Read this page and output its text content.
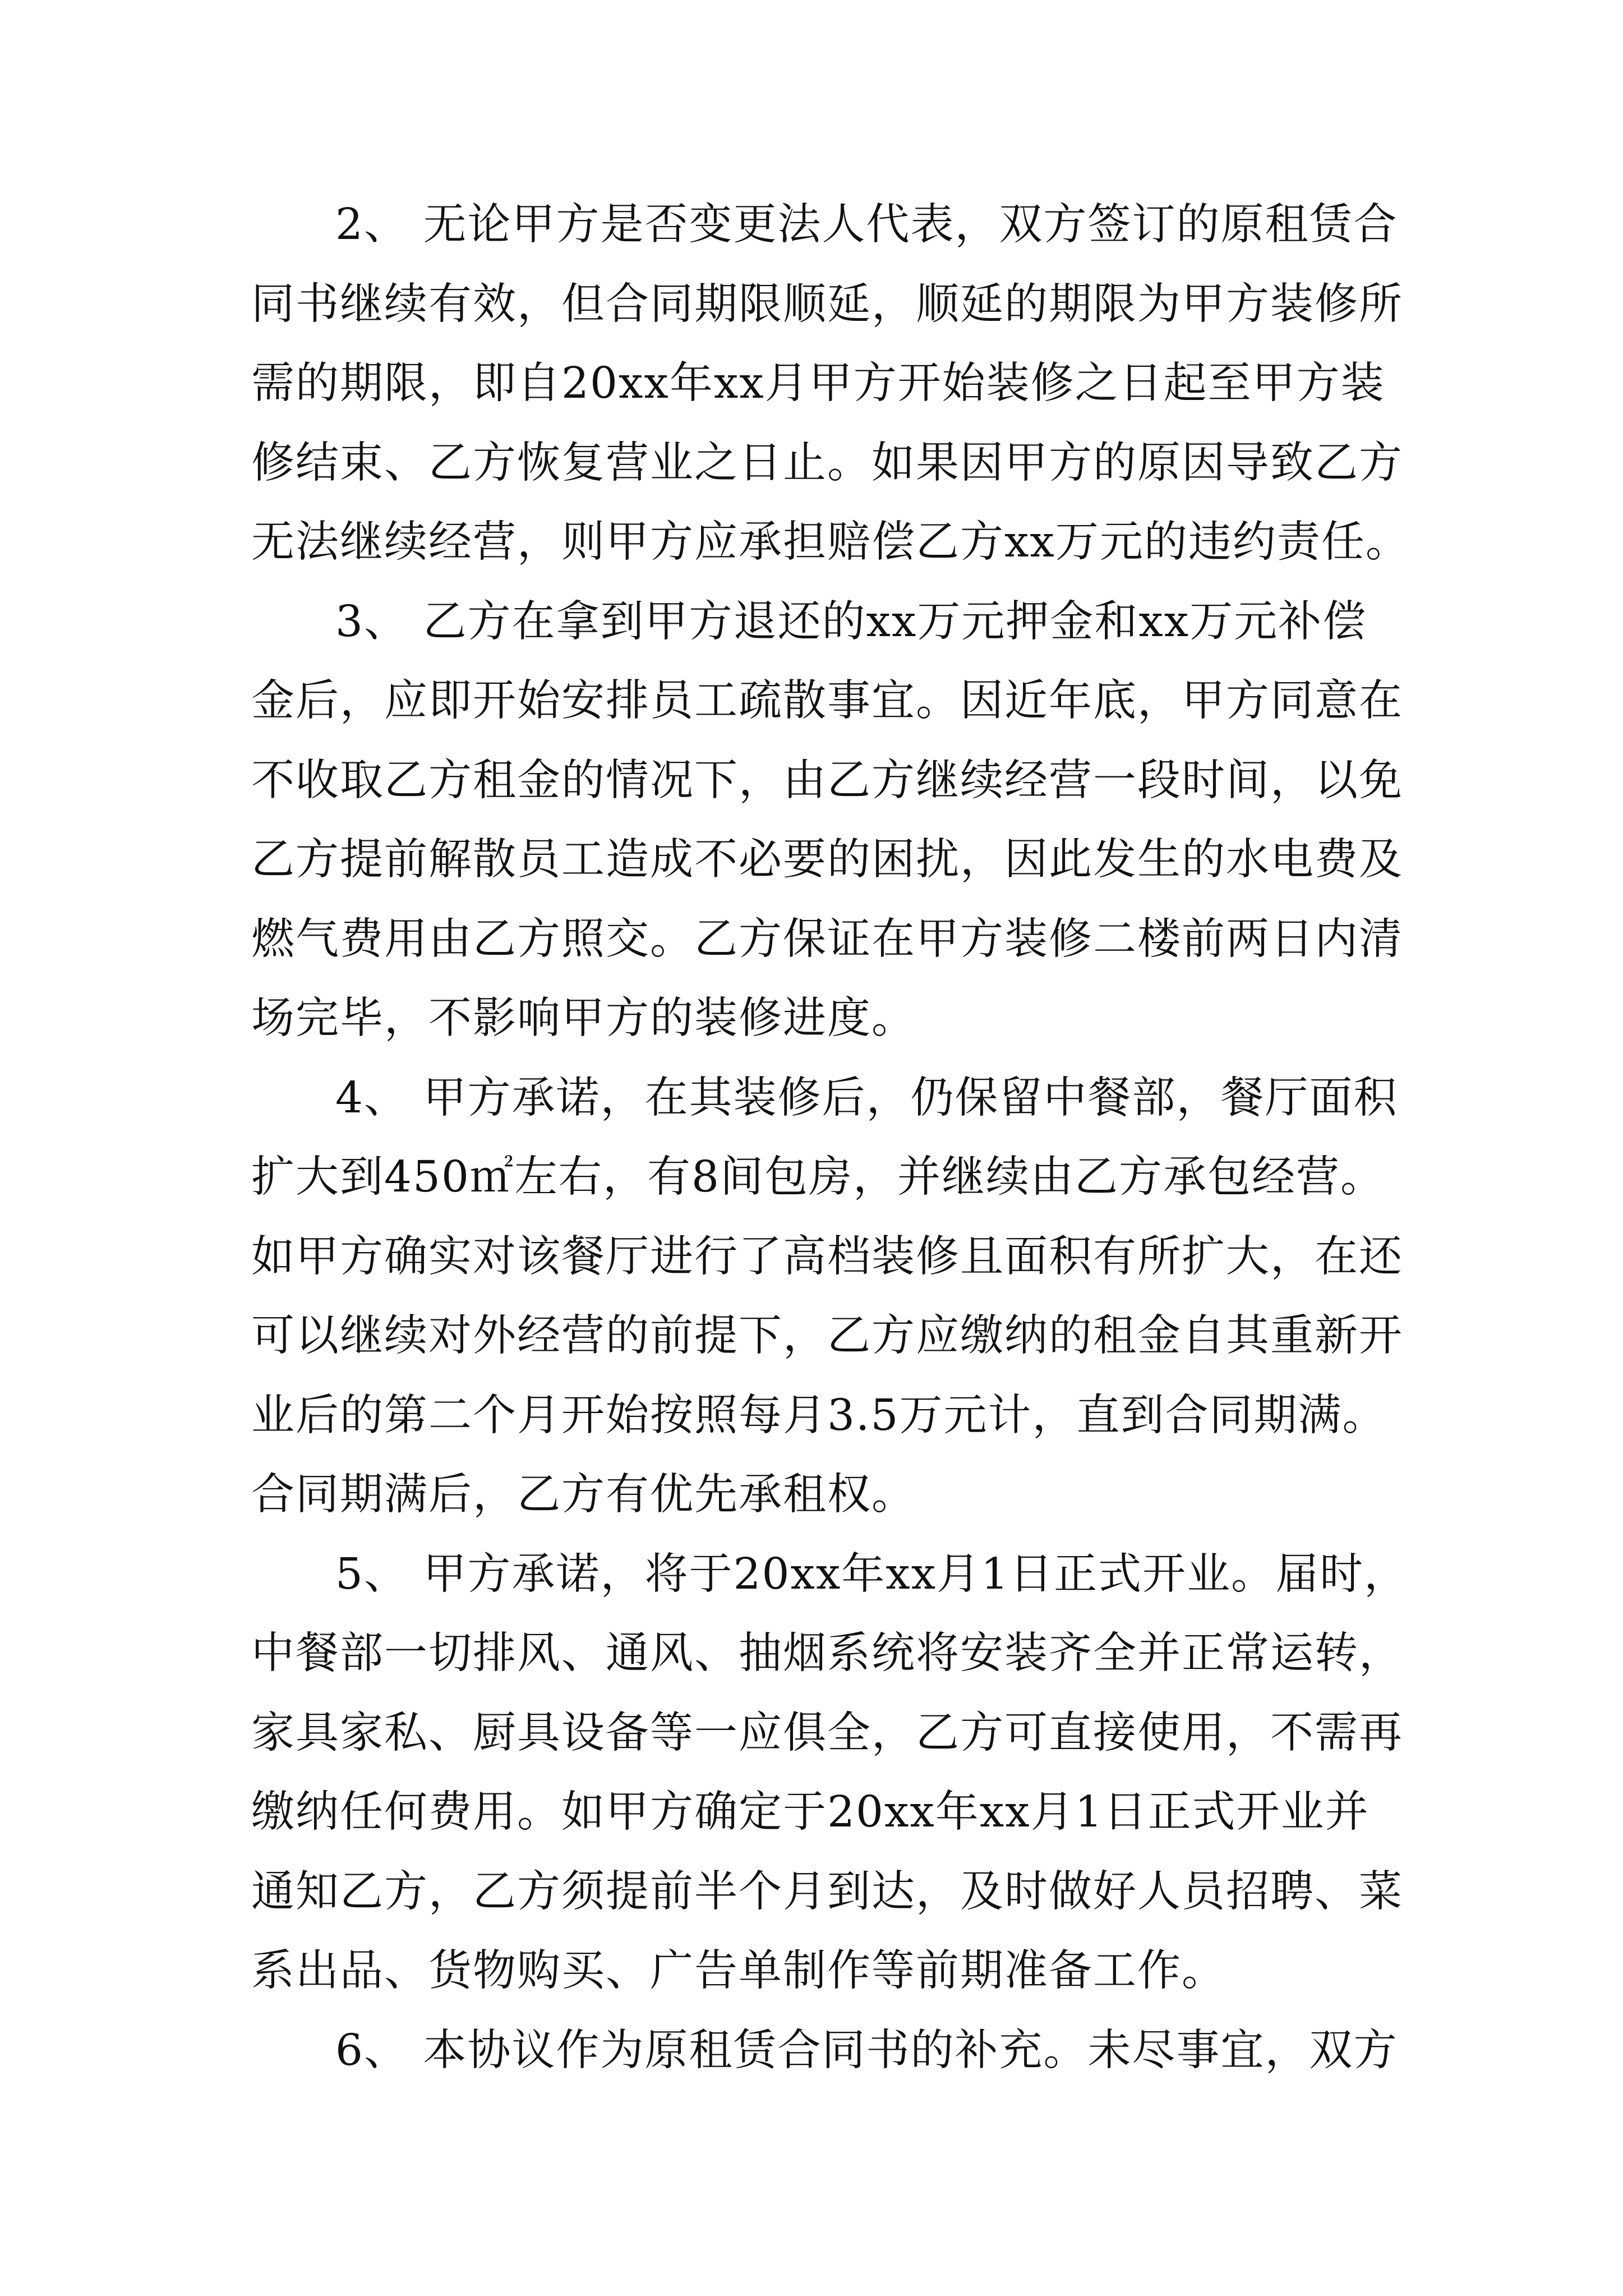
2、 无论甲方是否变更法人代表，双方签订的原租赁合
同书继续有效，但合同期限顺延，顺延的期限为甲方装修所
需的期限，即自20xx年xx月甲方开始装修之日起至甲方装
修结束、乙方恢复营业之日止。如果因甲方的原因导致乙方
无法继续经营，则甲方应承担赔偿乙方xx万元的违约责任。
3、 乙方在拿到甲方退还的xx万元押金和xx万元补偿
金后，应即开始安排员工疏散事宜。因近年底，甲方同意在
不收取乙方租金的情况下，由乙方继续经营一段时间，以免
乙方提前解散员工造成不必要的困扰，因此发生的水电费及
燃气费用由乙方照交。乙方保证在甲方装修二楼前两日内清
场完毕，不影响甲方的装修进度。
4、 甲方承诺，在其装修后，仍保留中餐部，餐厅面积
扩大到450㎡左右，有8间包房，并继续由乙方承包经营。
如甲方确实对该餐厅进行了高档装修且面积有所扩大，在还
可以继续对外经营的前提下，乙方应缴纳的租金自其重新开
业后的第二个月开始按照每月3.5万元计，直到合同期满。
合同期满后，乙方有优先承租权。
5、 甲方承诺，将于20xx年xx月1日正式开业。届时，
中餐部一切排风、通风、抽烟系统将安装齐全并正常运转，
家具家私、厨具设备等一应俱全，乙方可直接使用，不需再
缴纳任何费用。如甲方确定于20xx年xx月1日正式开业并
通知乙方，乙方须提前半个月到达，及时做好人员招聘、菜
系出品、货物购买、广告单制作等前期准备工作。
6、 本协议作为原租赁合同书的补充。未尽事宜，双方
